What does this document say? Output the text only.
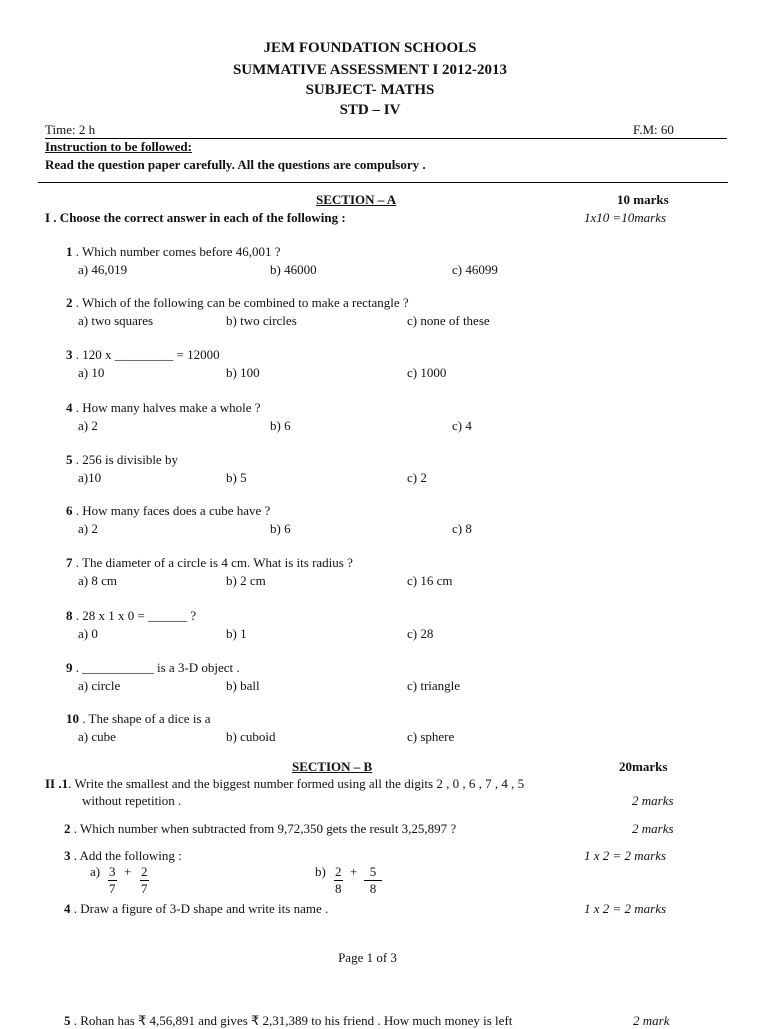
JEM FOUNDATION SCHOOLS
SUMMATIVE ASSESSMENT I 2012-2013
SUBJECT- MATHS
STD – IV
Time: 2 h	F.M: 60
Instruction to be followed:
Read the question paper carefully. All the questions are compulsory .
SECTION – A	10 marks
I . Choose the correct answer in each of the following :	1x10 =10marks
1 . Which number comes before 46,001 ?
a) 46,019	b) 46000	c) 46099
2 . Which of the following can be combined to make a rectangle ?
a) two squares	b) two circles	c) none of these
3 . 120 x _________ = 12000
a) 10	b) 100	c) 1000
4 . How many halves make a whole ?
a) 2	b) 6	c) 4
5 . 256 is divisible by
a)10	b) 5	c) 2
6 . How many faces does a cube have ?
a) 2	b) 6	c) 8
7 . The diameter of a circle is 4 cm. What is its radius ?
a) 8 cm	b) 2 cm	c) 16 cm
8 . 28 x 1 x 0 = ______ ?
a) 0	b) 1	c) 28
9 . ___________ is a 3-D object .
a) circle	b) ball	c) triangle
10 . The shape of a dice is a
a) cube	b) cuboid	c) sphere
SECTION – B	20marks
II .1. Write the smallest and the biggest number formed using all the digits 2 , 0 , 6 , 7 , 4 , 5
without repetition .	2 marks
2 . Which number when subtracted from 9,72,350 gets the result 3,25,897 ?	2 marks
3 . Add the following :	1 x 2 = 2 marks
$a) \frac{3}{7} + \frac{2}{7}$	$b) \frac{2}{8} + \frac{5}{8}$
4 . Draw a figure of 3-D shape and write its name .	1 x 2 = 2 marks
Page 1 of 3
5 . Rohan has ₹ 4,56,891 and gives ₹ 2,31,389 to his friend . How much money is left	2 mark
